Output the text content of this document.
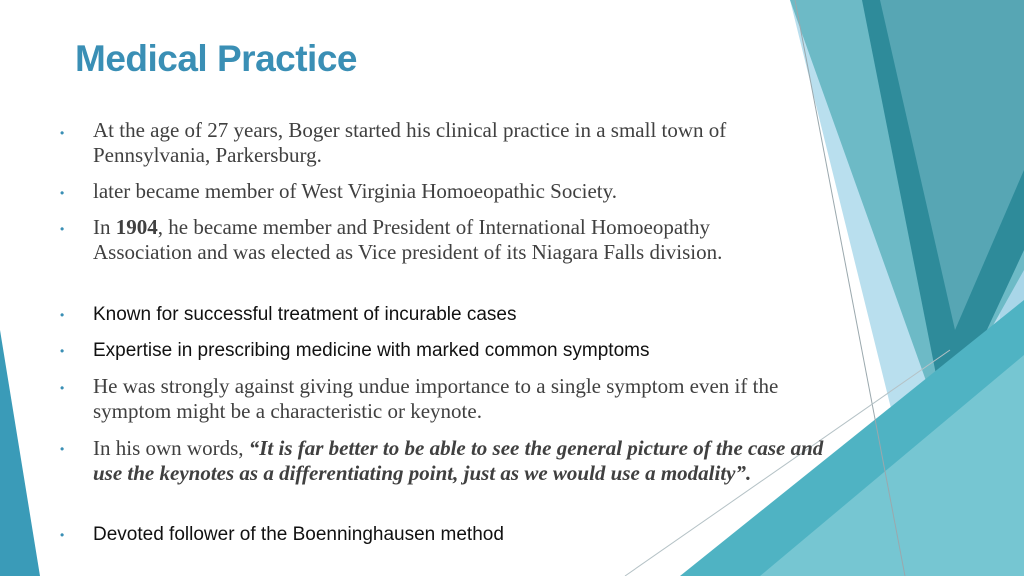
Medical Practice
• At the age of 27 years, Boger started his clinical practice in a small town of Pennsylvania, Parkersburg.
• later became member of West Virginia Homoeopathic Society.
• In 1904, he became member and President of International Homoeopathy Association and was elected as Vice president of its Niagara Falls division.
• Known for successful treatment of incurable cases
• Expertise in prescribing medicine with marked common symptoms
• He was strongly against giving undue importance to a single symptom even if the symptom might be a characteristic or keynote.
• In his own words, “It is far better to be able to see the general picture of the case and use the keynotes as a differentiating point, just as we would use a modality”.
• Devoted follower of the Boenninghausen method
